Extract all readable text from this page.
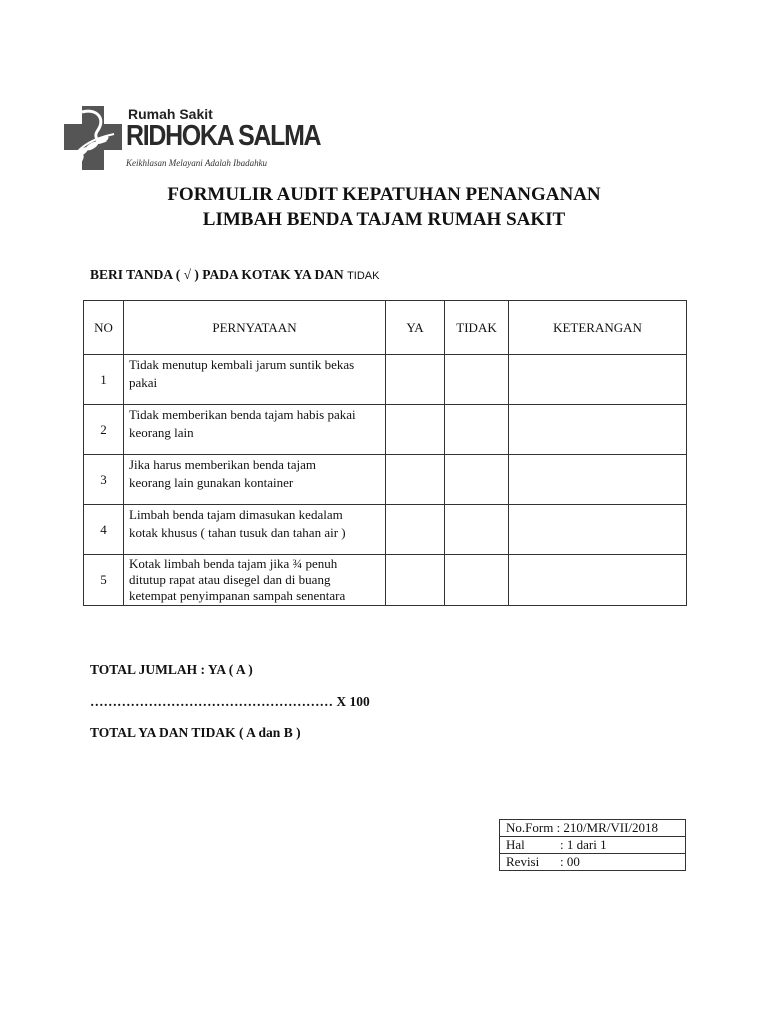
Rumah Sakit
RIDHOKA SALMA
Keikhlasan Melayani Adalah Ibadahku
FORMULIR AUDIT KEPATUHAN PENANGANAN
LIMBAH BENDA TAJAM RUMAH SAKIT
BERI TANDA ( √ ) PADA KOTAK YA DAN TIDAK
NO	PERNYATAAN	YA	TIDAK	KETERANGAN
1	Tidak menutup kembali jarum suntik bekas
pakai			

2	Tidak memberikan benda tajam habis pakai
keorang lain			

3	Jika harus memberikan benda tajam
keorang lain gunakan kontainer			

4	Limbah benda tajam dimasukan kedalam
kotak khusus ( tahan tusuk dan tahan air )			

5	Kotak limbah benda tajam jika ¾ penuh
ditutup rapat atau disegel dan di buang
ketempat penyimpanan sampah senentara			

TOTAL JUMLAH : YA ( A )
……………………………………………… X 100
TOTAL YA DAN TIDAK ( A dan B )
No.Form : 210/MR/VII/2018
Hal	: 1 dari 1
Revisi : 00
